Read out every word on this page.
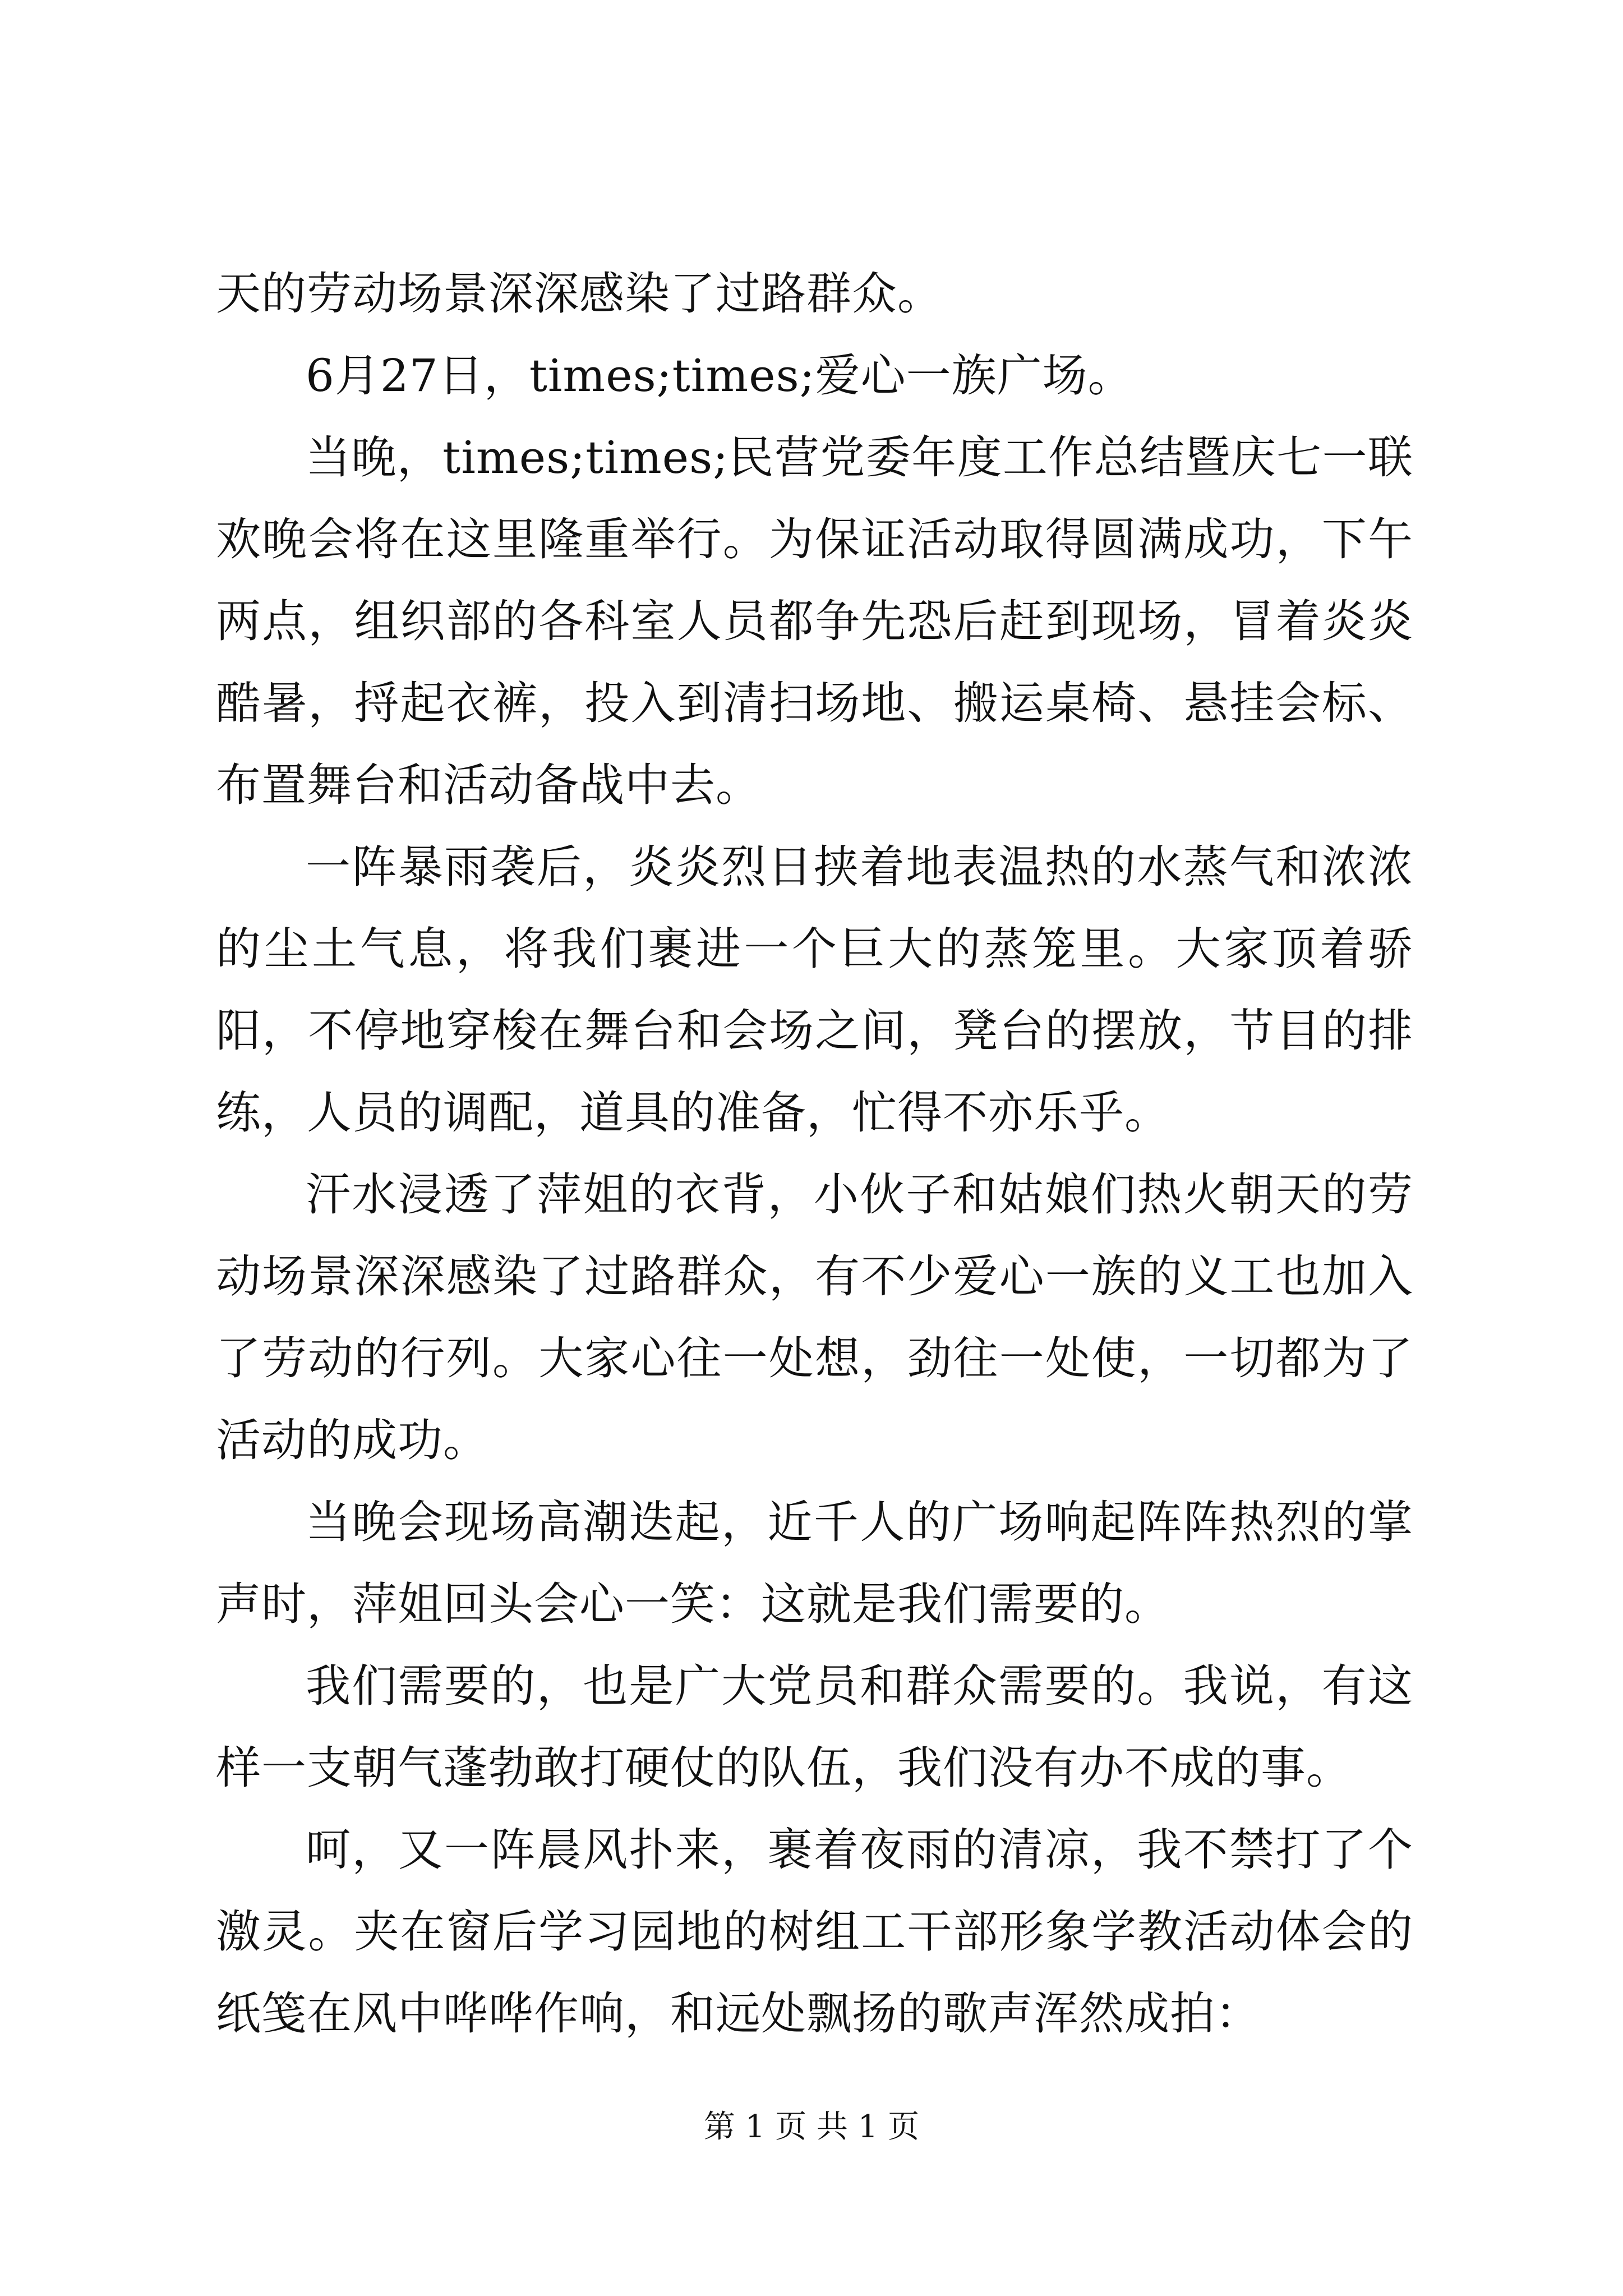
天的劳动场景深深感染了过路群众。

6月27日，times;times;爱心一族广场。

当晚，times;times;民营党委年度工作总结暨庆七一联欢晚会将在这里隆重举行。为保证活动取得圆满成功，下午两点，组织部的各科室人员都争先恐后赶到现场，冒着炎炎酷暑，捋起衣裤，投入到清扫场地、搬运桌椅、悬挂会标、布置舞台和活动备战中去。

一阵暴雨袭后，炎炎烈日挟着地表温热的水蒸气和浓浓的尘土气息，将我们裹进一个巨大的蒸笼里。大家顶着骄阳，不停地穿梭在舞台和会场之间，凳台的摆放，节目的排练，人员的调配，道具的准备，忙得不亦乐乎。

汗水浸透了萍姐的衣背，小伙子和姑娘们热火朝天的劳动场景深深感染了过路群众，有不少爱心一族的义工也加入了劳动的行列。大家心往一处想，劲往一处使，一切都为了活动的成功。

当晚会现场高潮迭起，近千人的广场响起阵阵热烈的掌声时，萍姐回头会心一笑：这就是我们需要的。

我们需要的，也是广大党员和群众需要的。我说，有这样一支朝气蓬勃敢打硬仗的队伍，我们没有办不成的事。

呵，又一阵晨风扑来，裹着夜雨的清凉，我不禁打了个激灵。夹在窗后学习园地的树组工干部形象学教活动体会的纸笺在风中哗哗作响，和远处飘扬的歌声浑然成拍：

第 1 页 共 1 页
